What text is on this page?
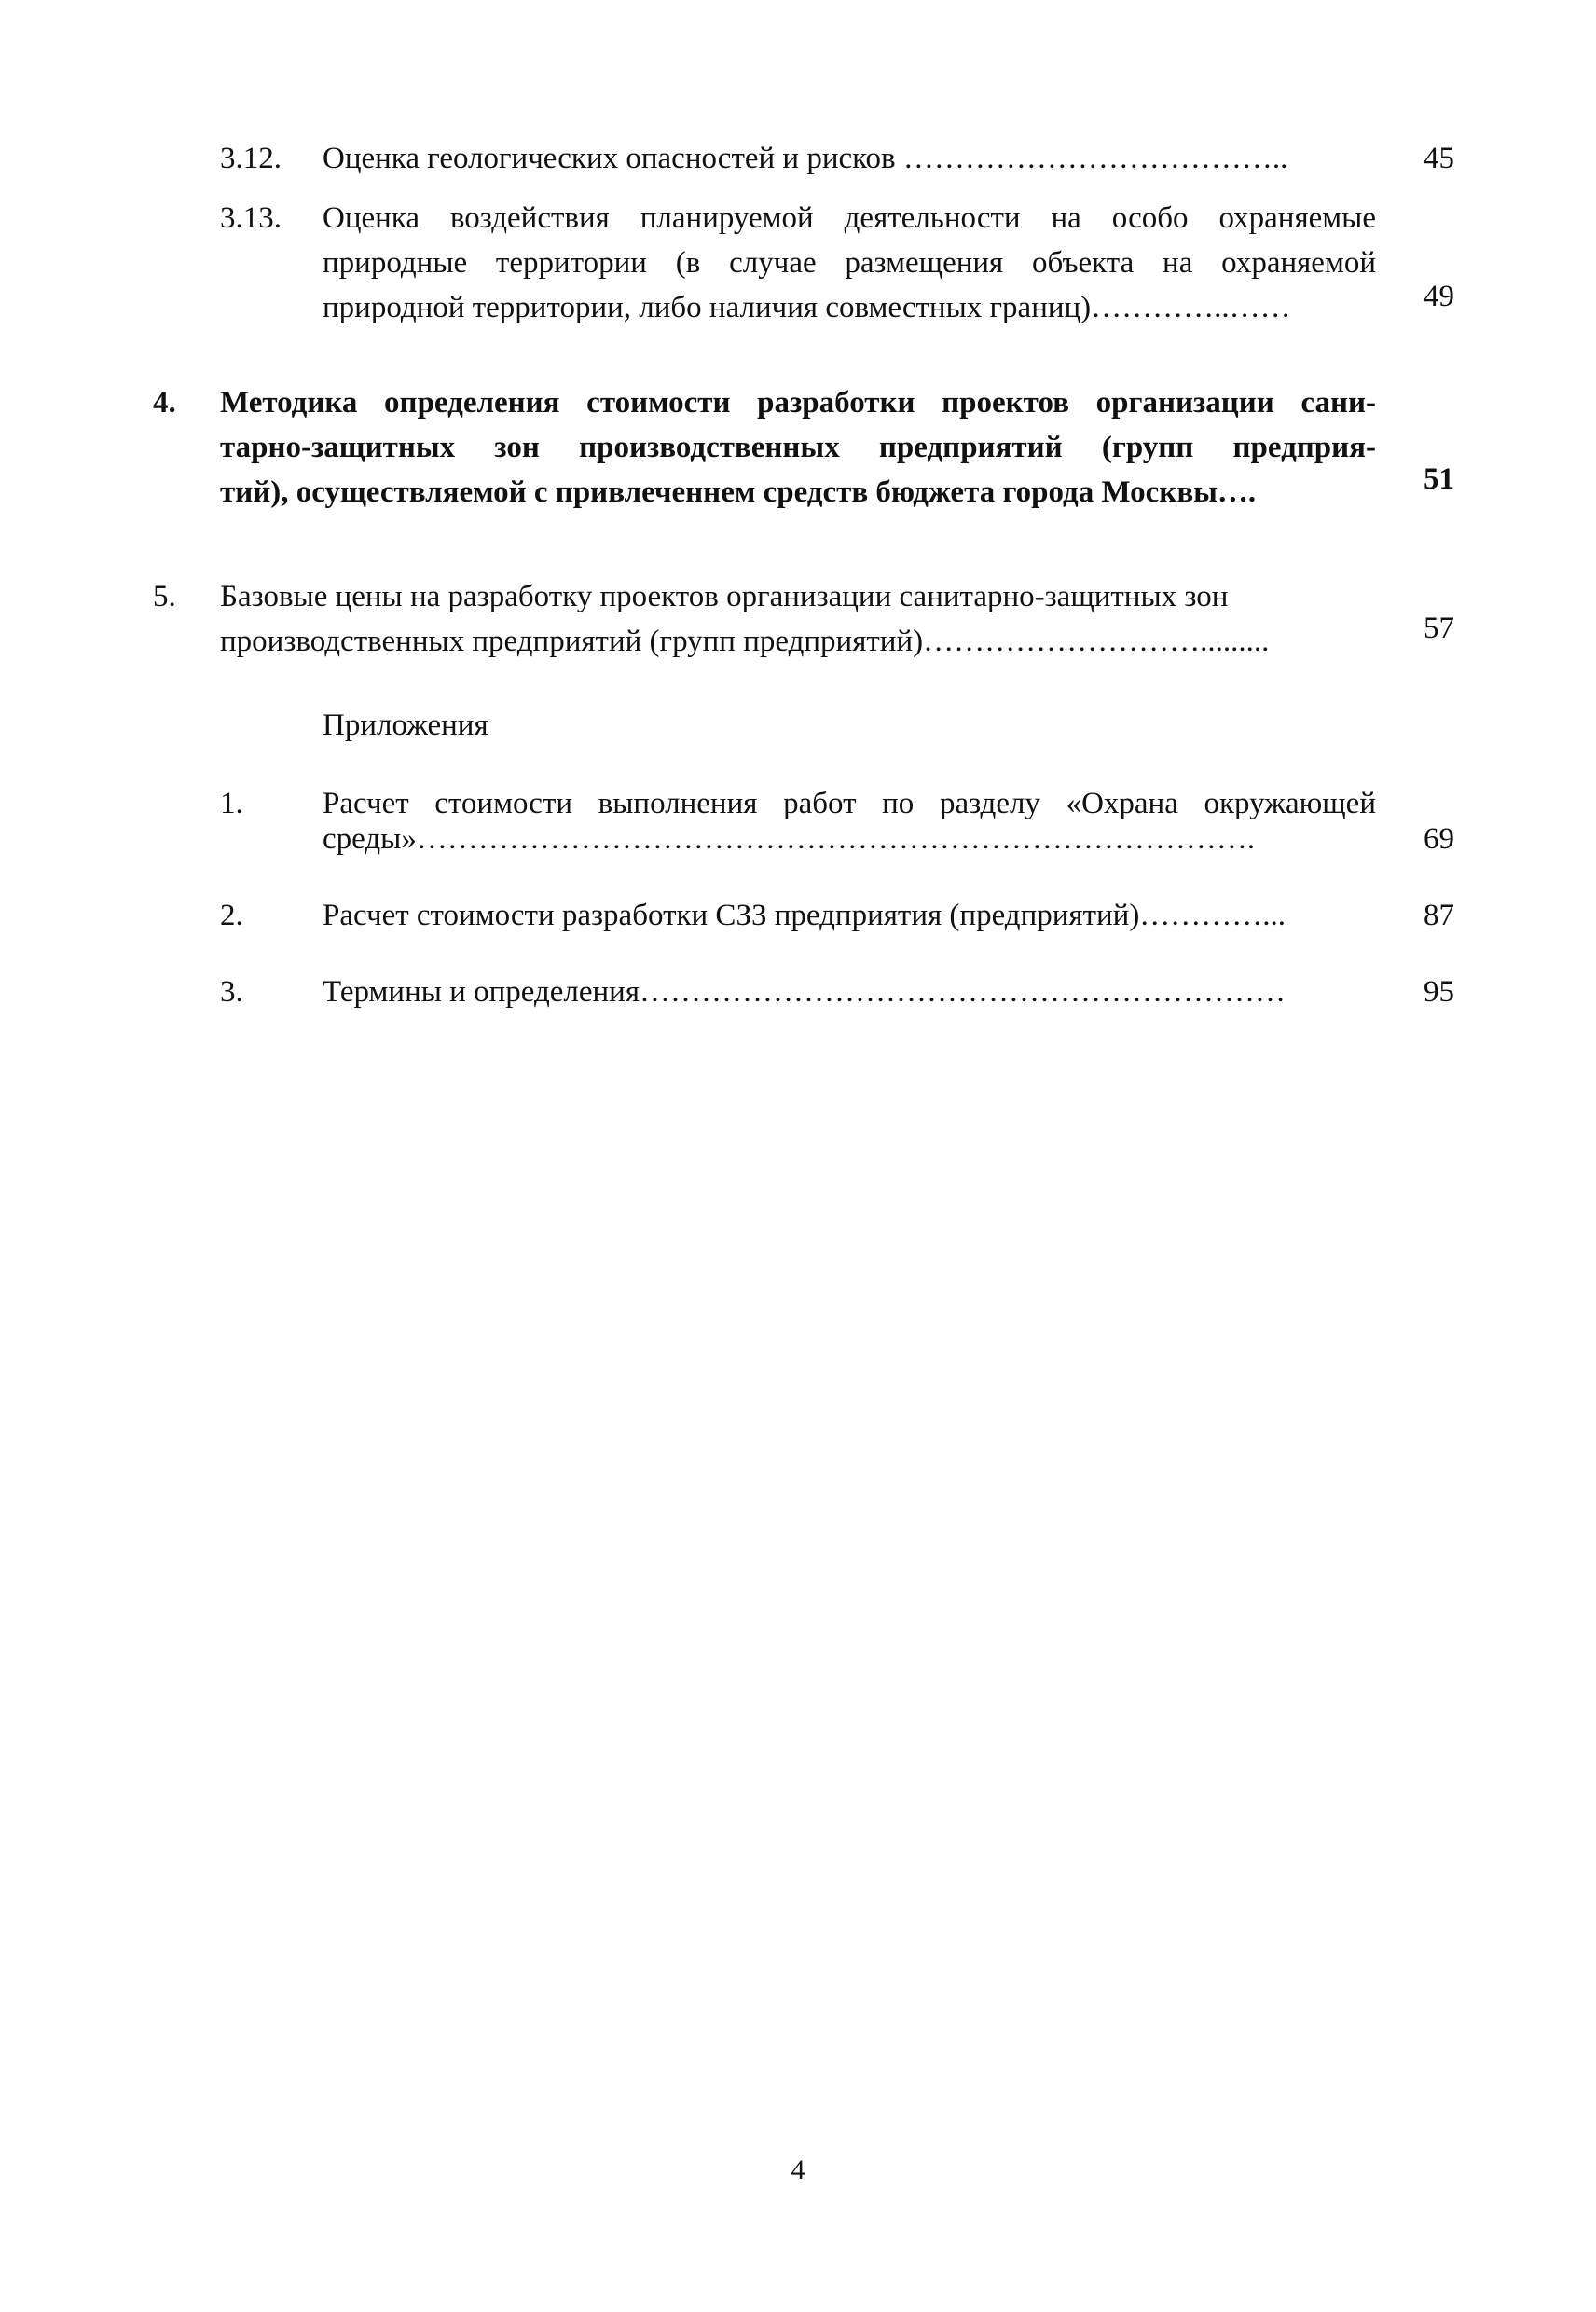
3.12. Оценка геологических опасностей и рисков ………………………………..	45
3.13. Оценка воздействия планируемой деятельности на особо охраняемые
природные территории (в случае размещения объекта на охраняемой
природной территории, либо наличия совместных границ)…………..……	49
4. Методика определения стоимости разработки проектов организации сани-
тарно-защитных зон производственных предприятий (групп предприя-
тий), осуществляемой с привлеченнем средств бюджета города Москвы….	51
5. Базовые цены на разработку проектов организации санитарно-защитных зон
производственных предприятий (групп предприятий)……………………….........	57
Приложения
1.	Расчет стоимости выполнения работ по разделу «Охрана окружающей
среды»……………………………………………………………………….	69
2.	Расчет стоимости разработки СЗЗ предприятия (предприятий)…………...	87
3.	Термины и определения………………………………………………………	95
4
